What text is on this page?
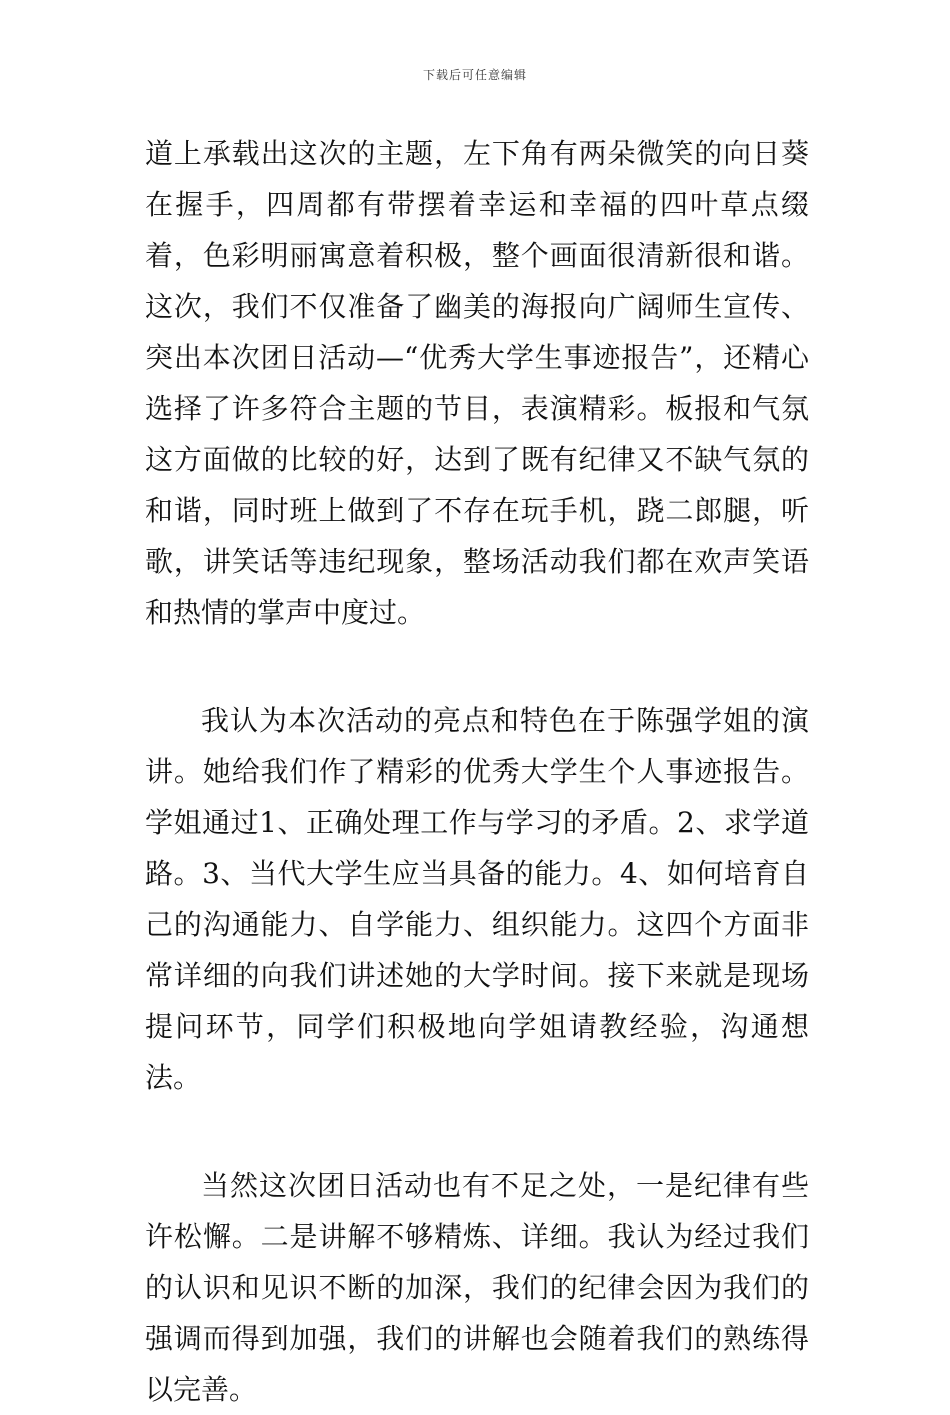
下载后可任意编辑

道上承载出这次的主题，左下角有两朵微笑的向日葵在握手，四周都有带摆着幸运和幸福的四叶草点缀着，色彩明丽寓意着积极，整个画面很清新很和谐。这次，我们不仅准备了幽美的海报向广阔师生宣传、突出本次团日活动—“优秀大学生事迹报告”，还精心选择了许多符合主题的节目，表演精彩。板报和气氛这方面做的比较的好，达到了既有纪律又不缺气氛的和谐，同时班上做到了不存在玩手机，跷二郎腿，听歌，讲笑话等违纪现象，整场活动我们都在欢声笑语和热情的掌声中度过。

我认为本次活动的亮点和特色在于陈强学姐的演讲。她给我们作了精彩的优秀大学生个人事迹报告。学姐通过1、正确处理工作与学习的矛盾。2、求学道路。3、当代大学生应当具备的能力。4、如何培育自己的沟通能力、自学能力、组织能力。这四个方面非常详细的向我们讲述她的大学时间。接下来就是现场提问环节，同学们积极地向学姐请教经验，沟通想法。

当然这次团日活动也有不足之处，一是纪律有些许松懈。二是讲解不够精炼、详细。我认为经过我们的认识和见识不断的加深，我们的纪律会因为我们的强调而得到加强，我们的讲解也会随着我们的熟练得以完善。
